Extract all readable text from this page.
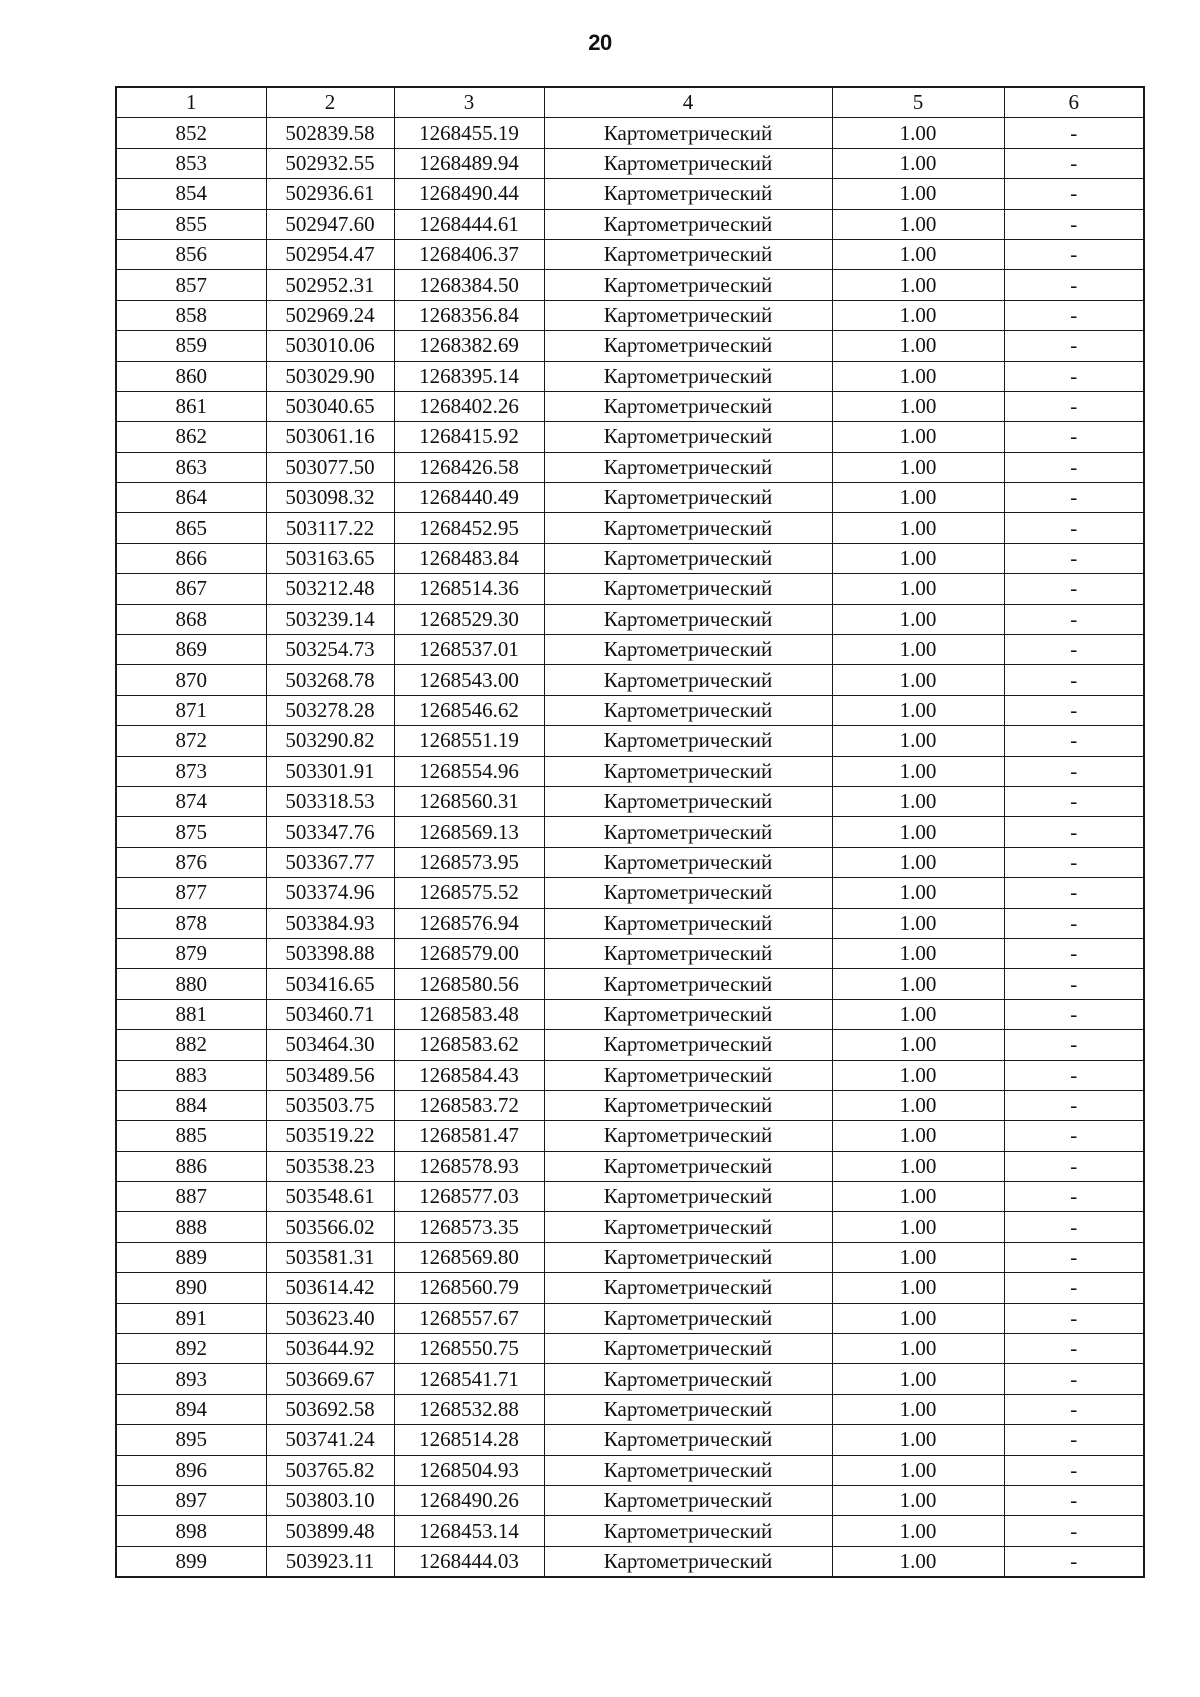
20
1	2	3	4	5	6
852	502839.58	1268455.19	Картометрический	1.00	-
853	502932.55	1268489.94	Картометрический	1.00	-
854	502936.61	1268490.44	Картометрический	1.00	-
855	502947.60	1268444.61	Картометрический	1.00	-
856	502954.47	1268406.37	Картометрический	1.00	-
857	502952.31	1268384.50	Картометрический	1.00	-
858	502969.24	1268356.84	Картометрический	1.00	-
859	503010.06	1268382.69	Картометрический	1.00	-
860	503029.90	1268395.14	Картометрический	1.00	-
861	503040.65	1268402.26	Картометрический	1.00	-
862	503061.16	1268415.92	Картометрический	1.00	-
863	503077.50	1268426.58	Картометрический	1.00	-
864	503098.32	1268440.49	Картометрический	1.00	-
865	503117.22	1268452.95	Картометрический	1.00	-
866	503163.65	1268483.84	Картометрический	1.00	-
867	503212.48	1268514.36	Картометрический	1.00	-
868	503239.14	1268529.30	Картометрический	1.00	-
869	503254.73	1268537.01	Картометрический	1.00	-
870	503268.78	1268543.00	Картометрический	1.00	-
871	503278.28	1268546.62	Картометрический	1.00	-
872	503290.82	1268551.19	Картометрический	1.00	-
873	503301.91	1268554.96	Картометрический	1.00	-
874	503318.53	1268560.31	Картометрический	1.00	-
875	503347.76	1268569.13	Картометрический	1.00	-
876	503367.77	1268573.95	Картометрический	1.00	-
877	503374.96	1268575.52	Картометрический	1.00	-
878	503384.93	1268576.94	Картометрический	1.00	-
879	503398.88	1268579.00	Картометрический	1.00	-
880	503416.65	1268580.56	Картометрический	1.00	-
881	503460.71	1268583.48	Картометрический	1.00	-
882	503464.30	1268583.62	Картометрический	1.00	-
883	503489.56	1268584.43	Картометрический	1.00	-
884	503503.75	1268583.72	Картометрический	1.00	-
885	503519.22	1268581.47	Картометрический	1.00	-
886	503538.23	1268578.93	Картометрический	1.00	-
887	503548.61	1268577.03	Картометрический	1.00	-
888	503566.02	1268573.35	Картометрический	1.00	-
889	503581.31	1268569.80	Картометрический	1.00	-
890	503614.42	1268560.79	Картометрический	1.00	-
891	503623.40	1268557.67	Картометрический	1.00	-
892	503644.92	1268550.75	Картометрический	1.00	-
893	503669.67	1268541.71	Картометрический	1.00	-
894	503692.58	1268532.88	Картометрический	1.00	-
895	503741.24	1268514.28	Картометрический	1.00	-
896	503765.82	1268504.93	Картометрический	1.00	-
897	503803.10	1268490.26	Картометрический	1.00	-
898	503899.48	1268453.14	Картометрический	1.00	-
899	503923.11	1268444.03	Картометрический	1.00	-
